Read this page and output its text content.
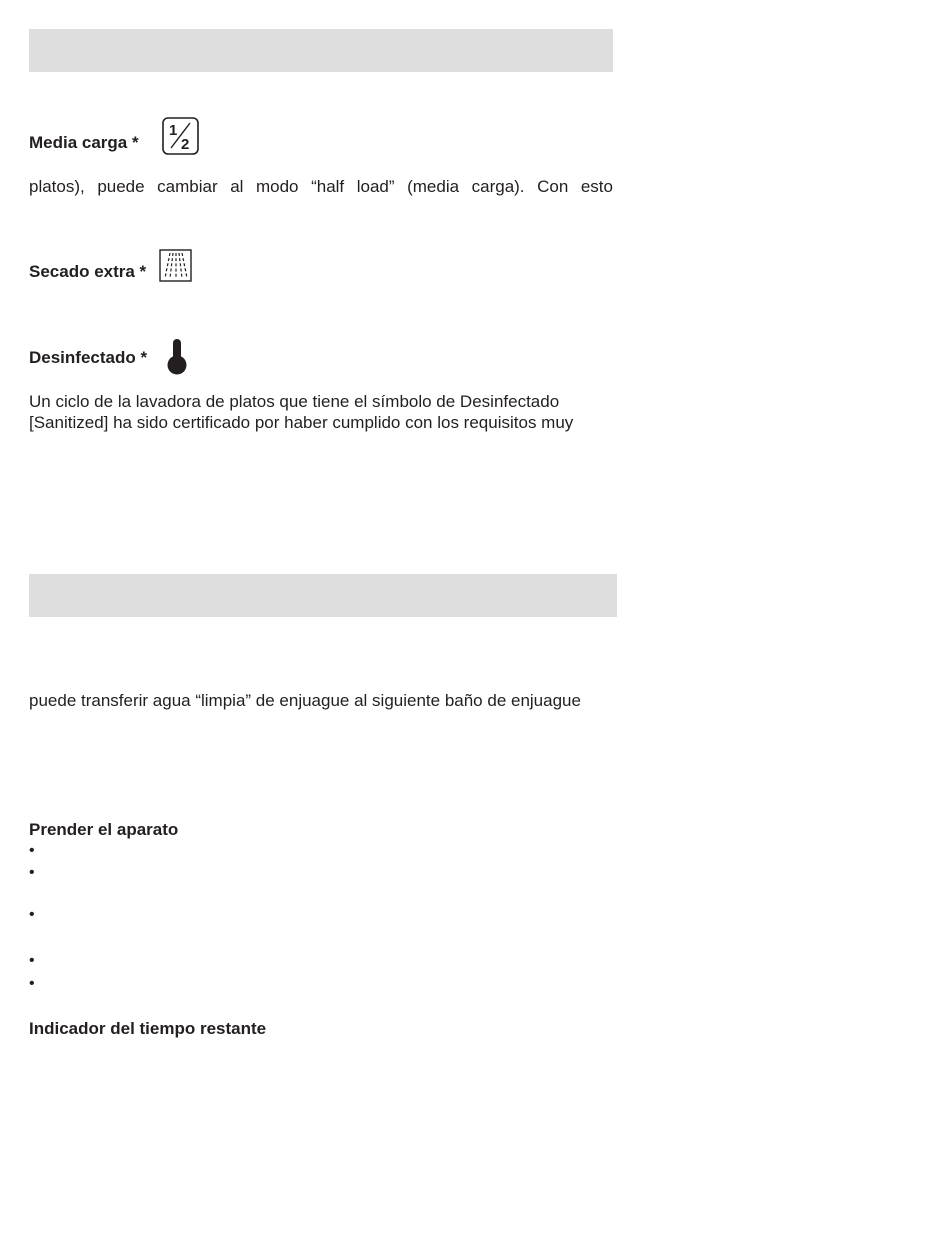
Media carga *
1
2
platos), puede cambiar al modo “half load” (media carga). Con esto
Secado extra *
Desinfectado *
Un ciclo de la lavadora de platos que tiene el símbolo de Desinfectado
[Sanitized] ha sido certificado por haber cumplido con los requisitos muy
puede transferir agua “limpia” de enjuague al siguiente baño de enjuague
Prender el aparato
•
•
•
•
•
Indicador del tiempo restante
